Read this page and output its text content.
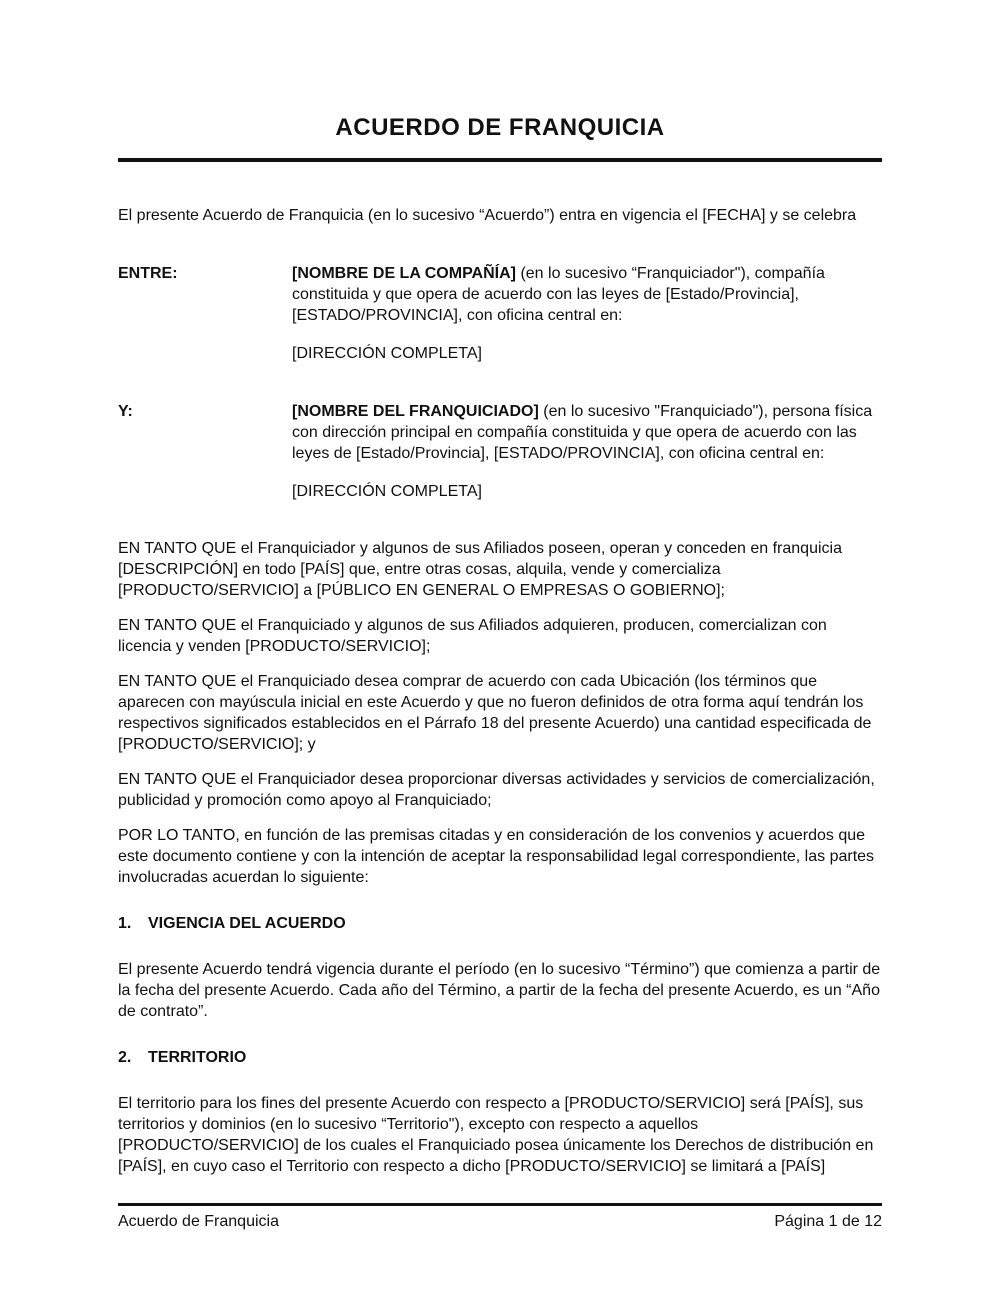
ACUERDO DE FRANQUICIA

El presente Acuerdo de Franquicia (en lo sucesivo “Acuerdo”) entra en vigencia el [FECHA] y se celebra

ENTRE:	[NOMBRE DE LA COMPAÑÍA] (en lo sucesivo “Franquiciador"), compañía constituida y que opera de acuerdo con las leyes de [Estado/Provincia], [ESTADO/PROVINCIA], con oficina central en:
[DIRECCIÓN COMPLETA]
Y:	[NOMBRE DEL FRANQUICIADO] (en lo sucesivo "Franquiciado"), persona física con dirección principal en compañía constituida y que opera de acuerdo con las leyes de [Estado/Provincia], [ESTADO/PROVINCIA], con oficina central en:
[DIRECCIÓN COMPLETA]

EN TANTO QUE el Franquiciador y algunos de sus Afiliados poseen, operan y conceden en franquicia [DESCRIPCIÓN] en todo [PAÍS] que, entre otras cosas, alquila, vende y comercializa [PRODUCTO/SERVICIO] a [PÚBLICO EN GENERAL O EMPRESAS O GOBIERNO];

EN TANTO QUE el Franquiciado y algunos de sus Afiliados adquieren, producen, comercializan con licencia y venden [PRODUCTO/SERVICIO];

EN TANTO QUE el Franquiciado desea comprar de acuerdo con cada Ubicación (los términos que aparecen con mayúscula inicial en este Acuerdo y que no fueron definidos de otra forma aquí tendrán los respectivos significados establecidos en el Párrafo 18 del presente Acuerdo) una cantidad especificada de [PRODUCTO/SERVICIO]; y

EN TANTO QUE el Franquiciador desea proporcionar diversas actividades y servicios de comercialización, publicidad y promoción como apoyo al Franquiciado;

POR LO TANTO, en función de las premisas citadas y en consideración de los convenios y acuerdos que este documento contiene y con la intención de aceptar la responsabilidad legal correspondiente, las partes involucradas acuerdan lo siguiente:

1.	VIGENCIA DEL ACUERDO

El presente Acuerdo tendrá vigencia durante el período (en lo sucesivo “Término”) que comienza a partir de la fecha del presente Acuerdo. Cada año del Término, a partir de la fecha del presente Acuerdo, es un “Año de contrato”.

2.	TERRITORIO

El territorio para los fines del presente Acuerdo con respecto a [PRODUCTO/SERVICIO] será [PAÍS], sus territorios y dominios (en lo sucesivo “Territorio"), excepto con respecto a aquellos [PRODUCTO/SERVICIO] de los cuales el Franquiciado posea únicamente los Derechos de distribución en [PAÍS], en cuyo caso el Territorio con respecto a dicho [PRODUCTO/SERVICIO] se limitará a [PAÍS]

Acuerdo de Franquicia	Página 1 de 12
